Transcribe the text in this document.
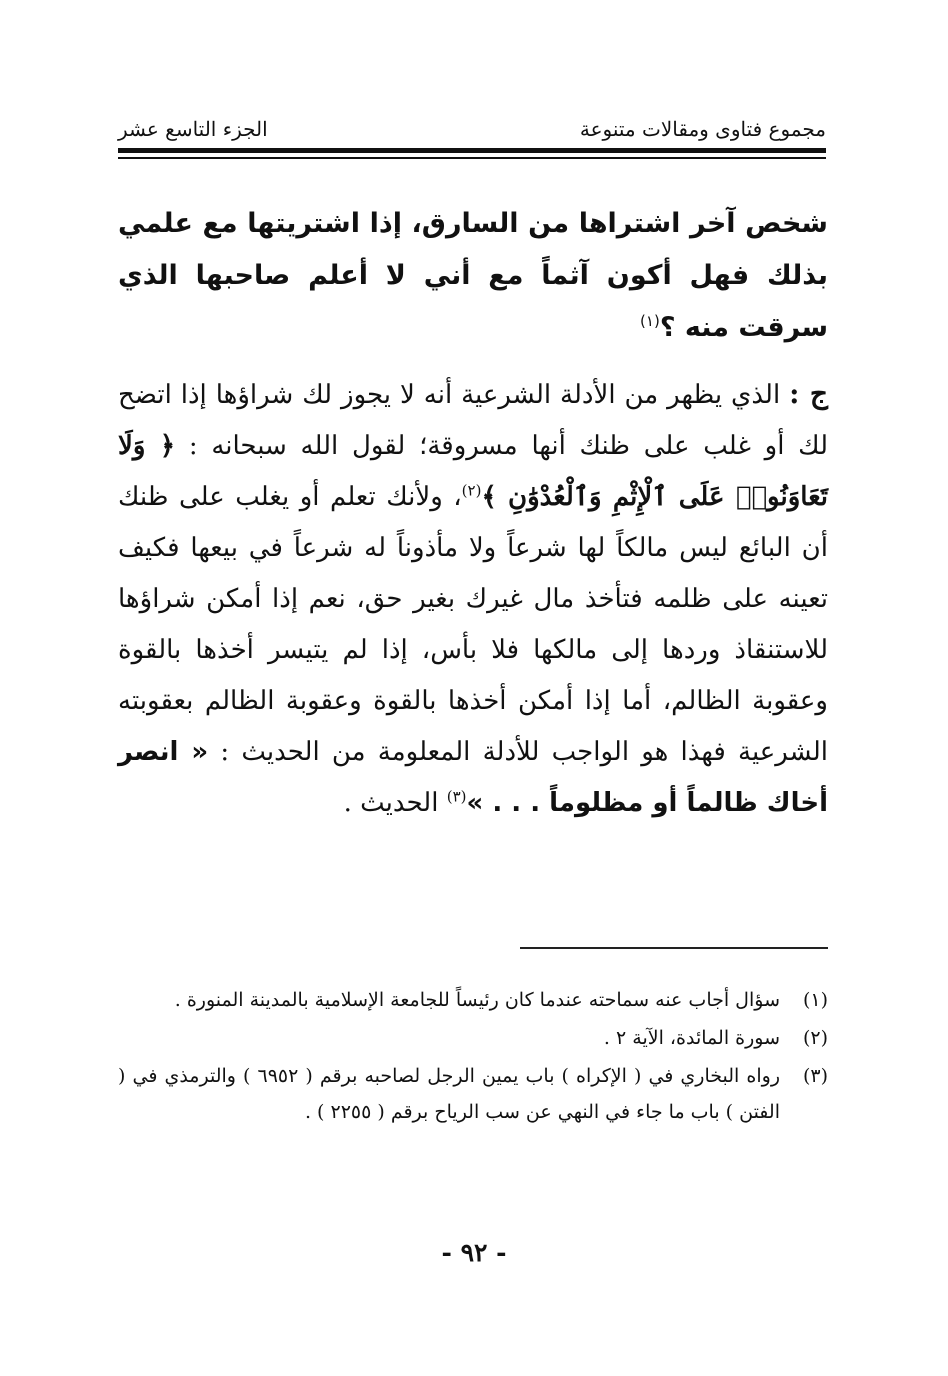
مجموع فتاوى ومقالات متنوعة
الجزء التاسع عشر

شخص آخر اشتراها من السارق، إذا اشتريتها مع علمي بذلك فهل أكون آثماً مع أني لا أعلم صاحبها الذي سرقت منه ؟$^{(١)}$

ج : الذي يظهر من الأدلة الشرعية أنه لا يجوز لك شراؤها إذا اتضح لك أو غلب على ظنك أنها مسروقة؛ لقول الله سبحانه : ﴿ وَلَا تَعَاوَنُوا۟ عَلَى ٱلْإِثْمِ وَٱلْعُدْوَٰنِ ﴾$^{(٢)}$، ولأنك تعلم أو يغلب على ظنك أن البائع ليس مالكاً لها شرعاً ولا مأذوناً له شرعاً في بيعها فكيف تعينه على ظلمه فتأخذ مال غيرك بغير حق، نعم إذا أمكن شراؤها للاستنقاذ وردها إلى مالكها فلا بأس، إذا لم يتيسر أخذها بالقوة وعقوبة الظالم، أما إذا أمكن أخذها بالقوة وعقوبة الظالم بعقوبته الشرعية فهذا هو الواجب للأدلة المعلومة من الحديث : « انصر أخاك ظالماً أو مظلوماً . . . »$^{(٣)}$ الحديث .

(١)
سؤال أجاب عنه سماحته عندما كان رئيساً للجامعة الإسلامية بالمدينة المنورة .
(٢)
سورة المائدة، الآية ٢ .
(٣)
رواه البخاري في ( الإكراه ) باب يمين الرجل لصاحبه برقم ( ٦٩٥٢ ) والترمذي في ( الفتن ) باب ما جاء في النهي عن سب الرياح برقم ( ٢٢٥٥ ) .
- ٩٢ -
